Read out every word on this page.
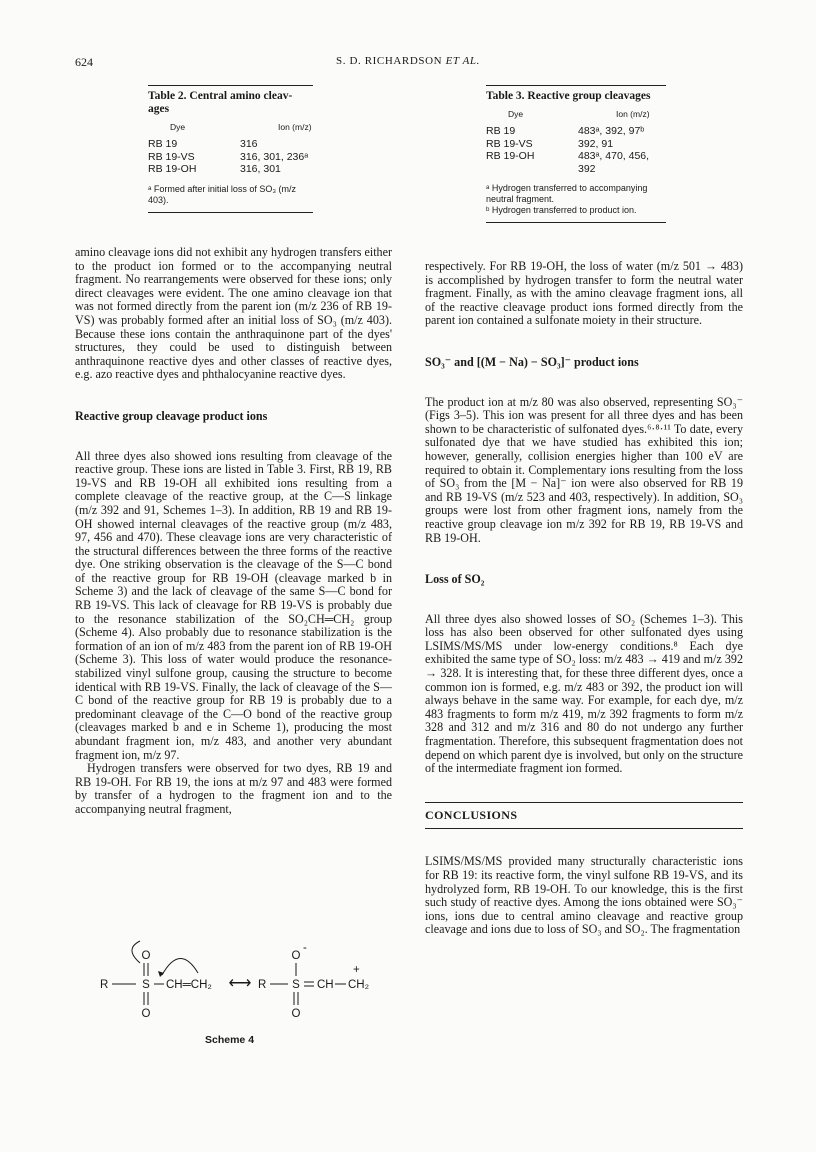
624	S. D. RICHARDSON ET AL.
Table 2. Central amino cleav-ages
Dye	Ion (m/z)
RB 19	316
RB 19-VS	316, 301, 236ᵃ
RB 19-OH	316, 301
ᵃ Formed after initial loss of SO₃ (m/z 403).
Table 3. Reactive group cleavages
Dye	Ion (m/z)
RB 19	483ᵃ, 392, 97ᵇ
RB 19-VS	392, 91
RB 19-OH	483ᵃ, 470, 456, 392

ᵃ Hydrogen transferred to accompanying neutral fragment.

ᵇ Hydrogen transferred to product ion.

amino cleavage ions did not exhibit any hydrogen transfers either to the product ion formed or to the accompanying neutral fragment. No rearrangements were observed for these ions; only direct cleavages were evident. The one amino cleavage ion that was not formed directly from the parent ion (m/z 236 of RB 19-VS) was probably formed after an initial loss of SO₃ (m/z 403). Because these ions contain the anthraquinone part of the dyes' structures, they could be used to distinguish between anthraquinone reactive dyes and other classes of reactive dyes, e.g. azo reactive dyes and phthalocyanine reactive dyes.

Reactive group cleavage product ions

All three dyes also showed ions resulting from cleavage of the reactive group. These ions are listed in Table 3. First, RB 19, RB 19-VS and RB 19-OH all exhibited ions resulting from a complete cleavage of the reactive group, at the C—S linkage (m/z 392 and 91, Schemes 1–3). In addition, RB 19 and RB 19-OH showed internal cleavages of the reactive group (m/z 483, 97, 456 and 470). These cleavage ions are very characteristic of the structural differences between the three forms of the reactive dye. One striking observation is the cleavage of the S—C bond of the reactive group for RB 19-OH (cleavage marked b in Scheme 3) and the lack of cleavage of the same S—C bond for RB 19-VS. This lack of cleavage for RB 19-VS is probably due to the resonance stabilization of the SO₂CH═CH₂ group (Scheme 4). Also probably due to resonance stabilization is the formation of an ion of m/z 483 from the parent ion of RB 19-OH (Scheme 3). This loss of water would produce the resonance-stabilized vinyl sulfone group, causing the structure to become identical with RB 19-VS. Finally, the lack of cleavage of the S—C bond of the reactive group for RB 19 is probably due to a predominant cleavage of the C—O bond of the reactive group (cleavages marked b and e in Scheme 1), producing the most abundant fragment ion, m/z 483, and another very abundant fragment ion, m/z 97.

Hydrogen transfers were observed for two dyes, RB 19 and RB 19-OH. For RB 19, the ions at m/z 97 and 483 were formed by transfer of a hydrogen to the fragment ion and to the accompanying neutral fragment,

O
R	S CH═CH₂
O
⟷
O
-
R S CH CH₂
+
O
Scheme 4

respectively. For RB 19-OH, the loss of water (m/z 501 → 483) is accomplished by hydrogen transfer to form the neutral water fragment. Finally, as with the amino cleavage fragment ions, all of the reactive cleavage product ions formed directly from the parent ion contained a sulfonate moiety in their structure.

SO₃⁻ and [(M − Na) − SO₃]⁻ product ions

The product ion at m/z 80 was also observed, representing SO₃⁻ (Figs 3–5). This ion was present for all three dyes and has been shown to be characteristic of sulfonated dyes.⁶·⁸·¹¹ To date, every sulfonated dye that we have studied has exhibited this ion; however, generally, collision energies higher than 100 eV are required to obtain it. Complementary ions resulting from the loss of SO₃ from the [M − Na]⁻ ion were also observed for RB 19 and RB 19-VS (m/z 523 and 403, respectively). In addition, SO₃ groups were lost from other fragment ions, namely from the reactive group cleavage ion m/z 392 for RB 19, RB 19-VS and RB 19-OH.

Loss of SO₂

All three dyes also showed losses of SO₂ (Schemes 1–3). This loss has also been observed for other sulfonated dyes using LSIMS/MS/MS under low-energy conditions.⁸ Each dye exhibited the same type of SO₂ loss: m/z 483 → 419 and m/z 392 → 328. It is interesting that, for these three different dyes, once a common ion is formed, e.g. m/z 483 or 392, the product ion will always behave in the same way. For example, for each dye, m/z 483 fragments to form m/z 419, m/z 392 fragments to form m/z 328 and 312 and m/z 316 and 80 do not undergo any further fragmentation. Therefore, this subsequent fragmentation does not depend on which parent dye is involved, but only on the structure of the intermediate fragment ion formed.

CONCLUSIONS

LSIMS/MS/MS provided many structurally characteristic ions for RB 19: its reactive form, the vinyl sulfone RB 19-VS, and its hydrolyzed form, RB 19-OH. To our knowledge, this is the first such study of reactive dyes. Among the ions obtained were SO₃⁻ ions, ions due to central amino cleavage and reactive group cleavage and ions due to loss of SO₃ and SO₂. The fragmentation
